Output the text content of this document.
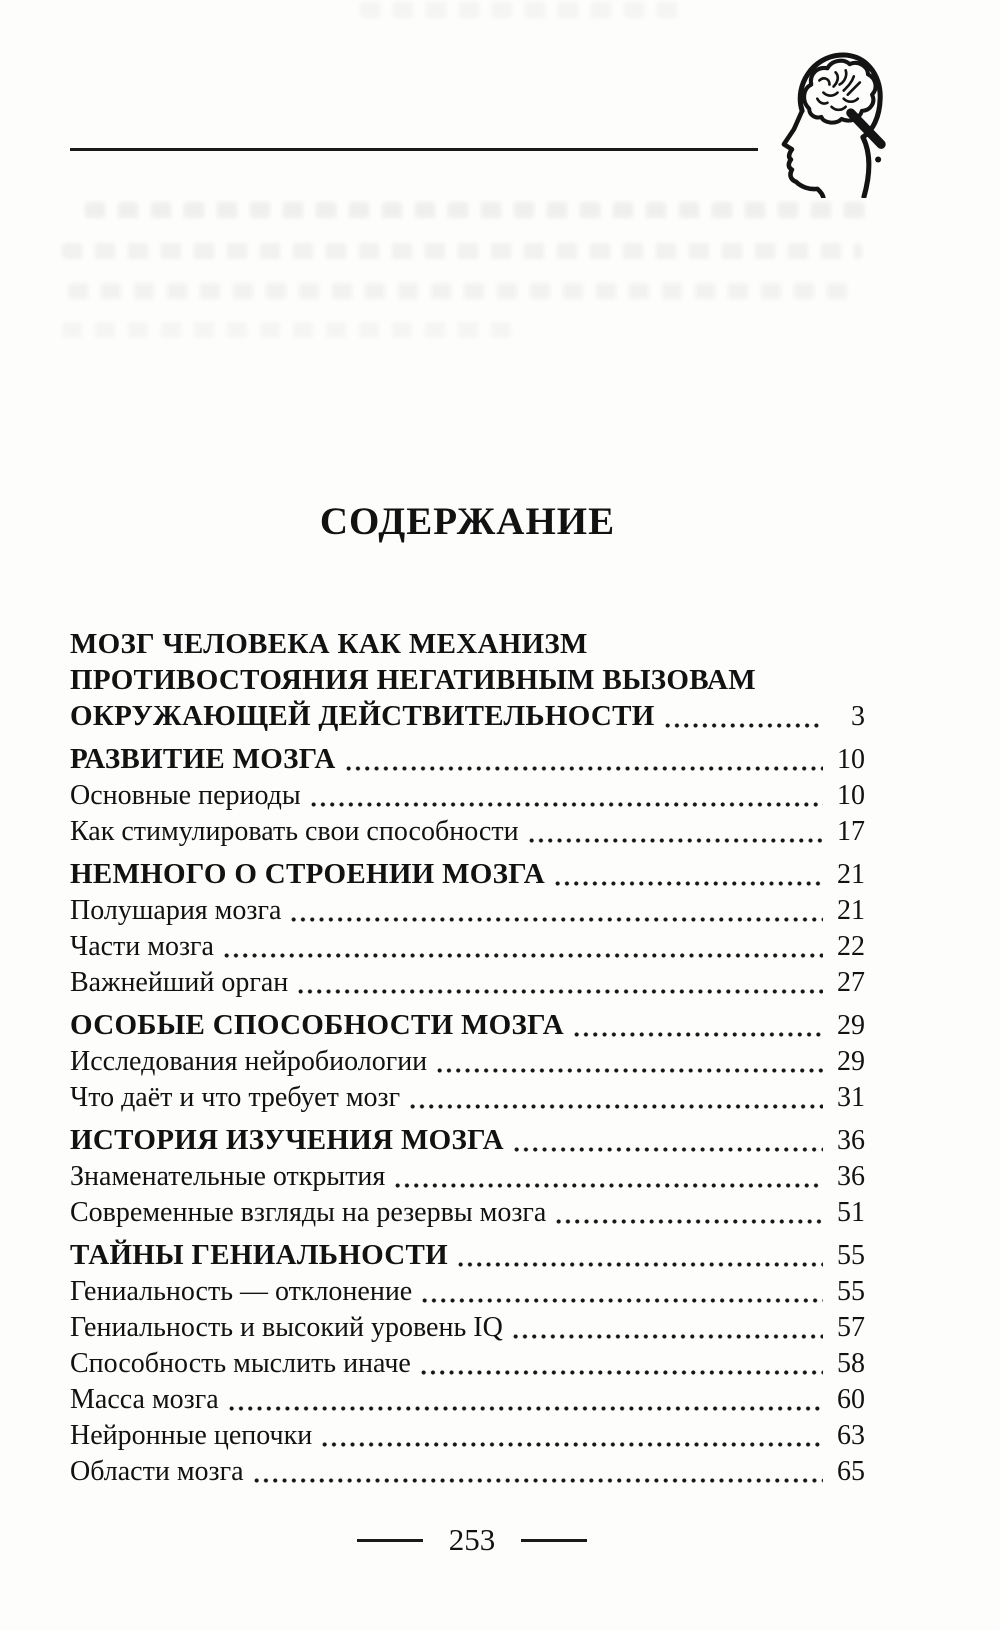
СОДЕРЖАНИЕ
МОЗГ ЧЕЛОВЕКА КАК МЕХАНИЗМ
ПРОТИВОСТОЯНИЯ НЕГАТИВНЫМ ВЫЗОВАМ
ОКРУЖАЮЩЕЙ ДЕЙСТВИТЕЛЬНОСТИ	3
РАЗВИТИЕ МОЗГА	10
Основные периоды	10
Как стимулировать свои способности	17
НЕМНОГО О СТРОЕНИИ МОЗГА	21
Полушария мозга	21
Части мозга	22
Важнейший орган	27
ОСОБЫЕ СПОСОБНОСТИ МОЗГА	29
Исследования нейробиологии	29
Что даёт и что требует мозг	31
ИСТОРИЯ ИЗУЧЕНИЯ МОЗГА	36
Знаменательные открытия	36
Современные взгляды на резервы мозга	51
ТАЙНЫ ГЕНИАЛЬНОСТИ	55
Гениальность — отклонение	55
Гениальность и высокий уровень IQ	57
Способность мыслить иначе	58
Масса мозга	60
Нейронные цепочки	63
Области мозга	65
253
